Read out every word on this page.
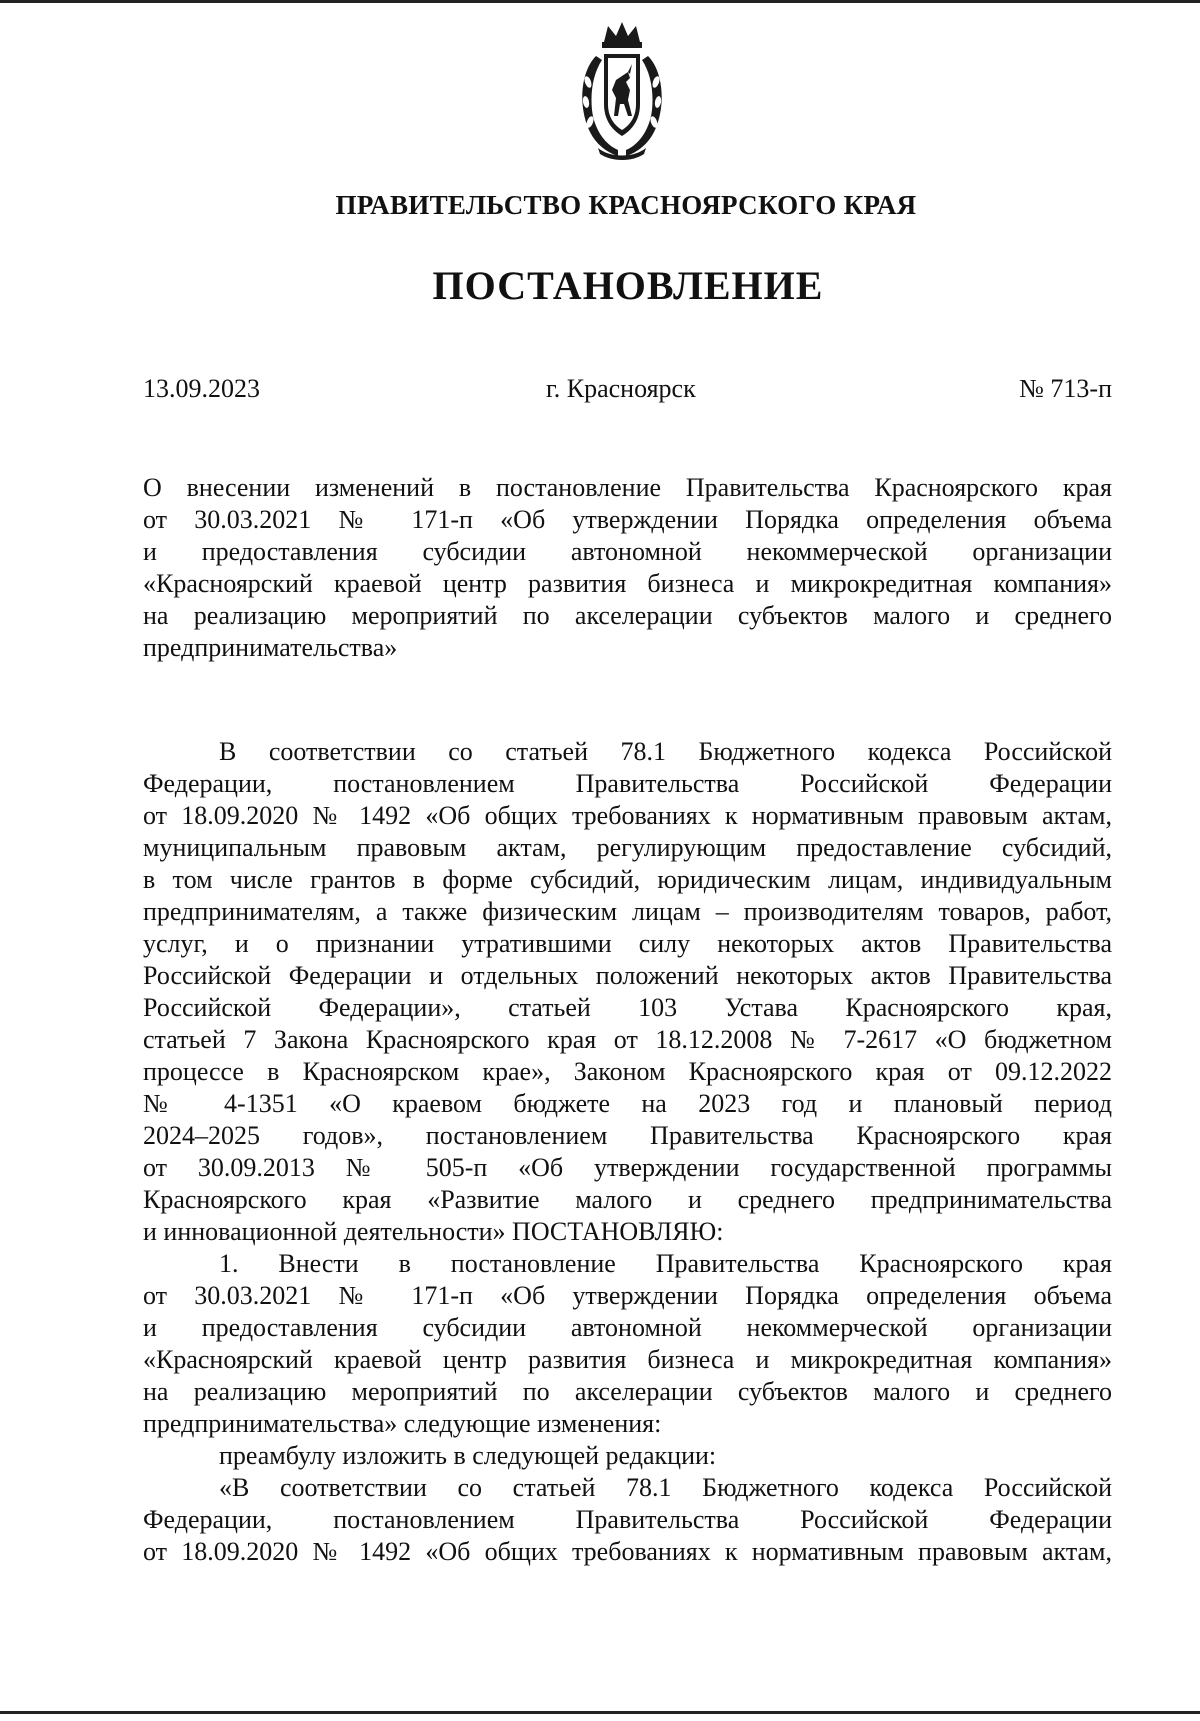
ПРАВИТЕЛЬСТВО КРАСНОЯРСКОГО КРАЯ
ПОСТАНОВЛЕНИЕ
13.09.2023	г. Красноярск	№ 713-п
О внесении изменений в постановление Правительства Красноярского края
от 30.03.2021 № 171-п «Об утверждении Порядка определения объема
и предоставления субсидии автономной некоммерческой организации
«Красноярский краевой центр развития бизнеса и микрокредитная компания»
на реализацию мероприятий по акселерации субъектов малого и среднего
предпринимательства»
В соответствии со статьей 78.1 Бюджетного кодекса Российской
Федерации, постановлением Правительства Российской Федерации
от 18.09.2020 № 1492 «Об общих требованиях к нормативным правовым актам,
муниципальным правовым актам, регулирующим предоставление субсидий,
в том числе грантов в форме субсидий, юридическим лицам, индивидуальным
предпринимателям, а также физическим лицам – производителям товаров, работ,
услуг, и о признании утратившими силу некоторых актов Правительства
Российской Федерации и отдельных положений некоторых актов Правительства
Российской Федерации», статьей 103 Устава Красноярского края,
статьей 7 Закона Красноярского края от 18.12.2008 № 7-2617 «О бюджетном
процессе в Красноярском крае», Законом Красноярского края от 09.12.2022
№ 4-1351 «О краевом бюджете на 2023 год и плановый период
2024–2025 годов», постановлением Правительства Красноярского края
от 30.09.2013 № 505-п «Об утверждении государственной программы
Красноярского края «Развитие малого и среднего предпринимательства
и инновационной деятельности» ПОСТАНОВЛЯЮ:
1. Внести в постановление Правительства Красноярского края
от 30.03.2021 № 171-п «Об утверждении Порядка определения объема
и предоставления субсидии автономной некоммерческой организации
«Красноярский краевой центр развития бизнеса и микрокредитная компания»
на реализацию мероприятий по акселерации субъектов малого и среднего
предпринимательства» следующие изменения:
преамбулу изложить в следующей редакции:
«В соответствии со статьей 78.1 Бюджетного кодекса Российской
Федерации, постановлением Правительства Российской Федерации
от 18.09.2020 № 1492 «Об общих требованиях к нормативным правовым актам,
